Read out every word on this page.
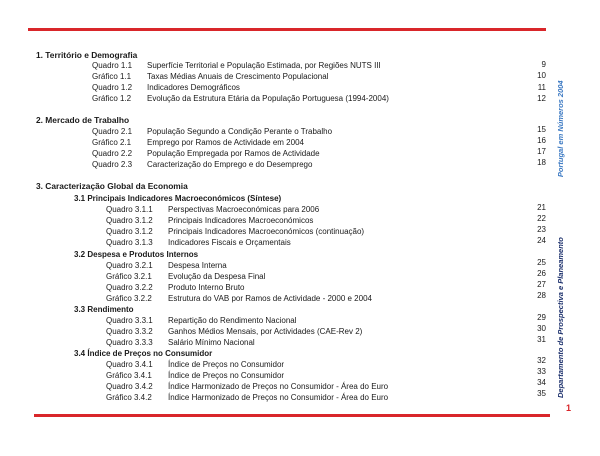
1. Território e Demografia
Quadro 1.1 Superfície Territorial e População Estimada, por Regiões NUTS III	9
Gráfico 1.1 Taxas Médias Anuais de Crescimento Populacional	10
Quadro 1.2 Indicadores Demográficos	11
Gráfico 1.2 Evolução da Estrutura Etária da População Portuguesa (1994-2004)	12
2. Mercado de Trabalho
Quadro 2.1 População Segundo a Condição Perante o Trabalho	15
Gráfico 2.1 Emprego por Ramos de Actividade em 2004	16
Quadro 2.2 População Empregada por Ramos de Actividade	17
Quadro 2.3 Caracterização do Emprego e do Desemprego	18
3. Caracterização Global da Economia
3.1 Principais Indicadores Macroeconómicos (Síntese)
Quadro 3.1.1 Perspectivas Macroeconómicas para 2006	21
Quadro 3.1.2 Principais Indicadores Macroeconómicos	22
Quadro 3.1.2 Principais Indicadores Macroeconómicos (continuação)	23
Quadro 3.1.3 Indicadores Fiscais e Orçamentais	24
3.2 Despesa e Produtos Internos
Quadro 3.2.1 Despesa Interna	25
Gráfico 3.2.1 Evolução da Despesa Final	26
Quadro 3.2.2 Produto Interno Bruto	27
Gráfico 3.2.2 Estrutura do VAB por Ramos de Actividade - 2000 e 2004	28
3.3 Rendimento
Quadro 3.3.1 Repartição do Rendimento Nacional	29
Quadro 3.3.2 Ganhos Médios Mensais, por Actividades (CAE-Rev 2)	30
Quadro 3.3.3 Salário Mínimo Nacional	31
3.4 Índice de Preços no Consumidor
Quadro 3.4.1 Índice de Preços no Consumidor	32
Gráfico 3.4.1 Índice de Preços no Consumidor	33
Quadro 3.4.2 Índice Harmonizado de Preços no Consumidor - Área do Euro	34
Gráfico 3.4.2 Índice Harmonizado de Preços no Consumidor - Área do Euro	35 Departamento de Prospectiva e PlaneamentoPortugal em Números 2004
1
